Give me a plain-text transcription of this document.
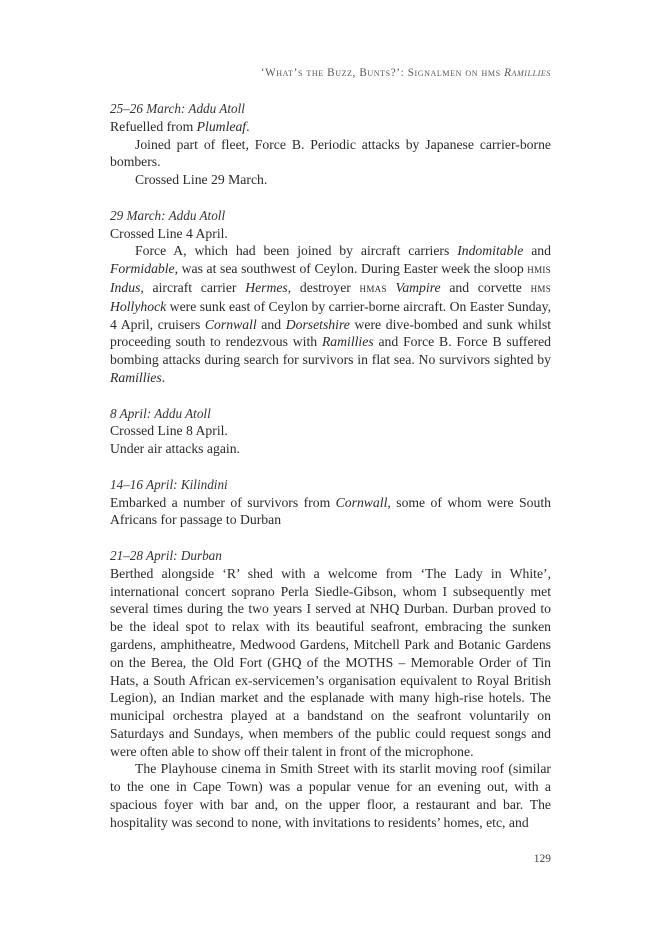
‘What’s the Buzz, Bunts?’: Signalmen on hms Ramillies
25–26 March: Addu Atoll

Refuelled from Plumleaf.

Joined part of fleet, Force B. Periodic attacks by Japanese carrier-borne bombers.

Crossed Line 29 March.

29 March: Addu Atoll

Crossed Line 4 April.

Force A, which had been joined by aircraft carriers Indomitable and Formidable, was at sea southwest of Ceylon. During Easter week the sloop hmis Indus, aircraft carrier Hermes, destroyer hmas Vampire and corvette hms Hollyhock were sunk east of Ceylon by carrier-borne aircraft. On Easter Sunday, 4 April, cruisers Cornwall and Dorsetshire were dive-bombed and sunk whilst proceeding south to rendezvous with Ramillies and Force B. Force B suffered bombing attacks during search for survivors in flat sea. No survivors sighted by Ramillies.

8 April: Addu Atoll

Crossed Line 8 April.

Under air attacks again.

14–16 April: Kilindini

Embarked a number of survivors from Cornwall, some of whom were South Africans for passage to Durban

21–28 April: Durban

Berthed alongside ‘R’ shed with a welcome from ‘The Lady in White’, international concert soprano Perla Siedle-Gibson, whom I subsequently met several times during the two years I served at NHQ Durban. Durban proved to be the ideal spot to relax with its beautiful seafront, embracing the sunken gardens, amphitheatre, Medwood Gardens, Mitchell Park and Botanic Gardens on the Berea, the Old Fort (GHQ of the MOTHS – Memorable Order of Tin Hats, a South African ex-servicemen’s organisation equivalent to Royal British Legion), an Indian market and the esplanade with many high-rise hotels. The municipal orchestra played at a bandstand on the seafront voluntarily on Saturdays and Sundays, when members of the public could request songs and were often able to show off their talent in front of the microphone.

The Playhouse cinema in Smith Street with its starlit moving roof (similar to the one in Cape Town) was a popular venue for an evening out, with a spacious foyer with bar and, on the upper floor, a restaurant and bar. The hospitality was second to none, with invitations to residents’ homes, etc, and

129
